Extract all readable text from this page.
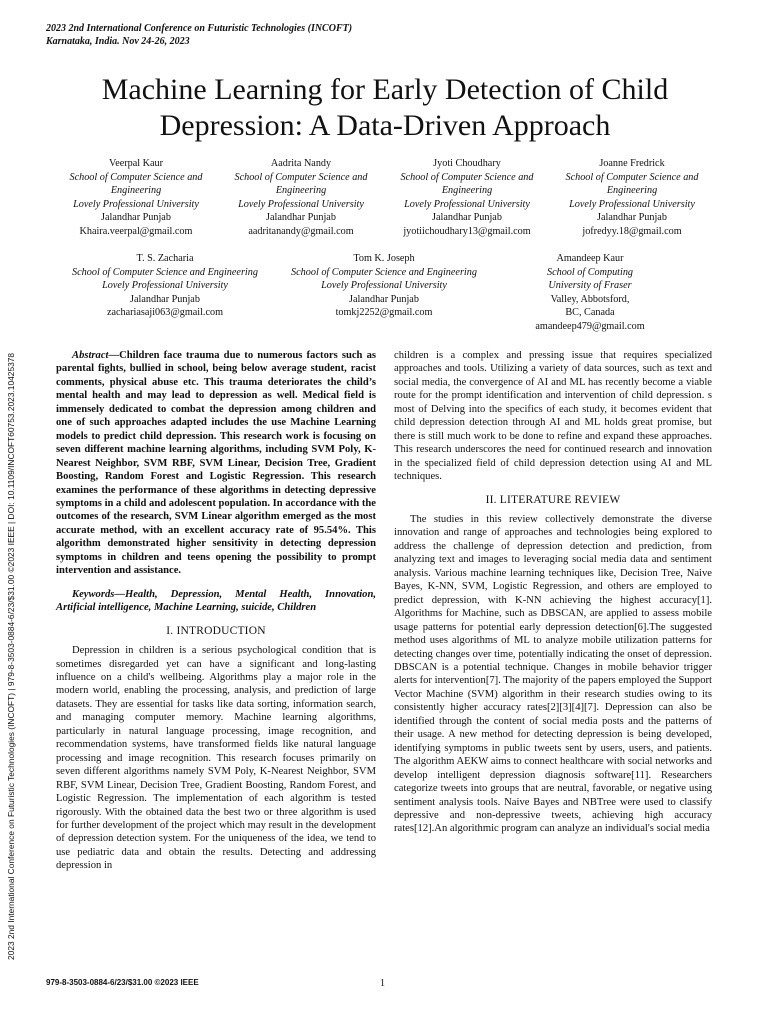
2023 2nd International Conference on Futuristic Technologies (INCOFT)
Karnataka, India. Nov 24-26, 2023
2023 2nd International Conference on Futuristic Technologies (INCOFT) | 979-8-3503-0884-6/23/$31.00 ©2023 IEEE | DOI: 10.1109/INCOFT60753.2023.10425378
Machine Learning for Early Detection of Child
Depression: A Data-Driven Approach
Veerpal Kaur
School of Computer Science and
Engineering
Lovely Professional University
Jalandhar Punjab
Khaira.veerpal@gmail.com
Aadrita Nandy
School of Computer Science and
Engineering
Lovely Professional University
Jalandhar Punjab
aadritanandy@gmail.com
Jyoti Choudhary
School of Computer Science and
Engineering
Lovely Professional University
Jalandhar Punjab
jyotiichoudhary13@gmail.com
Joanne Fredrick
School of Computer Science and
Engineering
Lovely Professional University
Jalandhar Punjab
jofredyy.18@gmail.com
T. S. Zacharia
School of Computer Science and Engineering
Lovely Professional University
Jalandhar Punjab
zachariasaji063@gmail.com
Tom K. Joseph
School of Computer Science and Engineering
Lovely Professional University
Jalandhar Punjab
tomkj2252@gmail.com
Amandeep Kaur
School of Computing
University of Fraser
Valley, Abbotsford,
BC, Canada
amandeep479@gmail.com

Abstract—Children face trauma due to numerous factors such as parental fights, bullied in school, being below average student, racist comments, physical abuse etc. This trauma deteriorates the child’s mental health and may lead to depression as well. Medical field is immensely dedicated to combat the depression among children and one of such approaches adapted includes the use Machine Learning models to predict child depression. This research work is focusing on seven different machine learning algorithms, including SVM Poly, K-Nearest Neighbor, SVM RBF, SVM Linear, Decision Tree, Gradient Boosting, Random Forest and Logistic Regression. This research examines the performance of these algorithms in detecting depressive symptoms in a child and adolescent population. In accordance with the outcomes of the research, SVM Linear algorithm emerged as the most accurate method, with an excellent accuracy rate of 95.54%. This algorithm demonstrated higher sensitivity in detecting depression symptoms in children and teens opening the possibility to prompt intervention and assistance.

Keywords—Health, Depression, Mental Health, Innovation, Artificial intelligence, Machine Learning, suicide, Children

I. INTRODUCTION

Depression in children is a serious psychological condition that is sometimes disregarded yet can have a significant and long-lasting influence on a child's wellbeing. Algorithms play a major role in the modern world, enabling the processing, analysis, and prediction of large datasets. They are essential for tasks like data sorting, information search, and managing computer memory. Machine learning algorithms, particularly in natural language processing, image recognition, and recommendation systems, have transformed fields like natural language processing and image recognition. This research focuses primarily on seven different algorithms namely SVM Poly, K-Nearest Neighbor, SVM RBF, SVM Linear, Decision Tree, Gradient Boosting, Random Forest, and Logistic Regression. The implementation of each algorithm is tested rigorously. With the obtained data the best two or three algorithm is used for further development of the project which may result in the development of depression detection system. For the uniqueness of the idea, we tend to use pediatric data and obtain the results. Detecting and addressing depression in

children is a complex and pressing issue that requires specialized approaches and tools. Utilizing a variety of data sources, such as text and social media, the convergence of AI and ML has recently become a viable route for the prompt identification and intervention of child depression. s most of Delving into the specifics of each study, it becomes evident that child depression detection through AI and ML holds great promise, but there is still much work to be done to refine and expand these approaches. This research underscores the need for continued research and innovation in the specialized field of child depression detection using AI and ML techniques.

II. LITERATURE REVIEW

The studies in this review collectively demonstrate the diverse innovation and range of approaches and technologies being explored to address the challenge of depression detection and prediction, from analyzing text and images to leveraging social media data and sentiment analysis. Various machine learning techniques like, Decision Tree, Naive Bayes, K-NN, SVM, Logistic Regression, and others are employed to predict depression, with K-NN achieving the highest accuracy[1]. Algorithms for Machine, such as DBSCAN, are applied to assess mobile usage patterns for potential early depression detection[6].The suggested method uses algorithms of ML to analyze mobile utilization patterns for detecting changes over time, potentially indicating the onset of depression. DBSCAN is a potential technique. Changes in mobile behavior trigger alerts for intervention[7]. The majority of the papers employed the Support Vector Machine (SVM) algorithm in their research studies owing to its consistently higher accuracy rates[2][3][4][7]. Depression can also be identified through the content of social media posts and the patterns of their usage. A new method for detecting depression is being developed, identifying symptoms in public tweets sent by users, users, and patients. The algorithm AEKW aims to connect healthcare with social networks and develop intelligent depression diagnosis software[11]. Researchers categorize tweets into groups that are neutral, favorable, or negative using sentiment analysis tools. Naive Bayes and NBTree were used to classify depressive and non-depressive tweets, achieving high accuracy rates[12].An algorithmic program can analyze an individual's social media

979-8-3503-0884-6/23/$31.00 ©2023 IEEE	1
